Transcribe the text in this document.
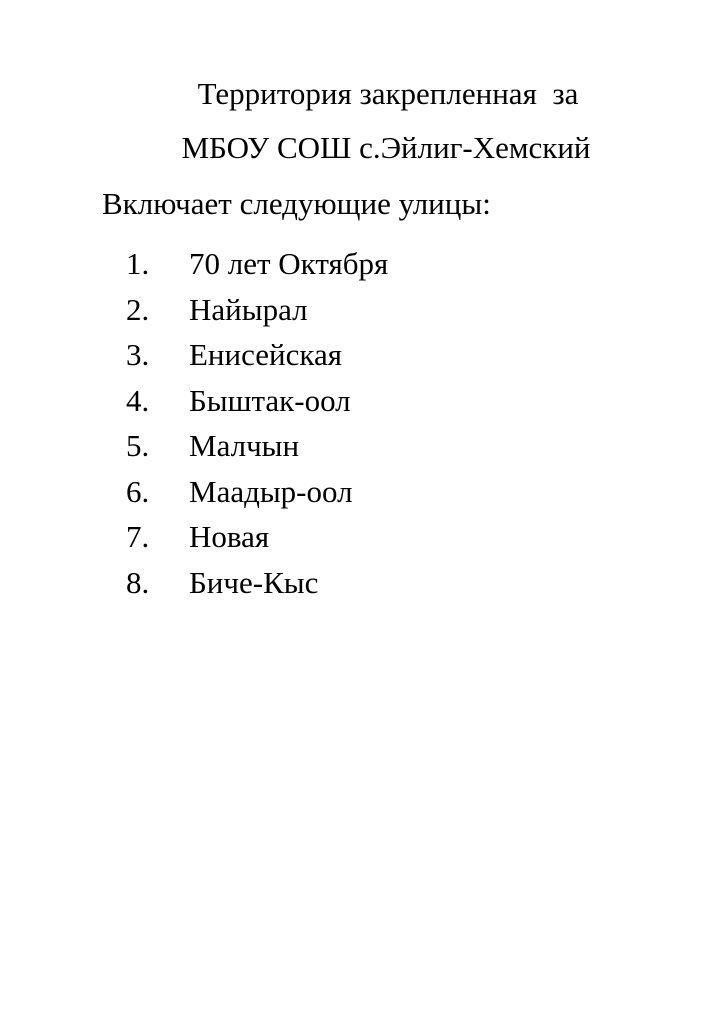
Территория закрепленная  за
МБОУ СОШ с.Эйлиг-Хемский
Включает следующие улицы:
1. 70 лет Октября
2. Найырал
3. Енисейская
4. Быштак-оол
5. Малчын
6. Маадыр-оол
7. Новая
8. Биче-Кыс
